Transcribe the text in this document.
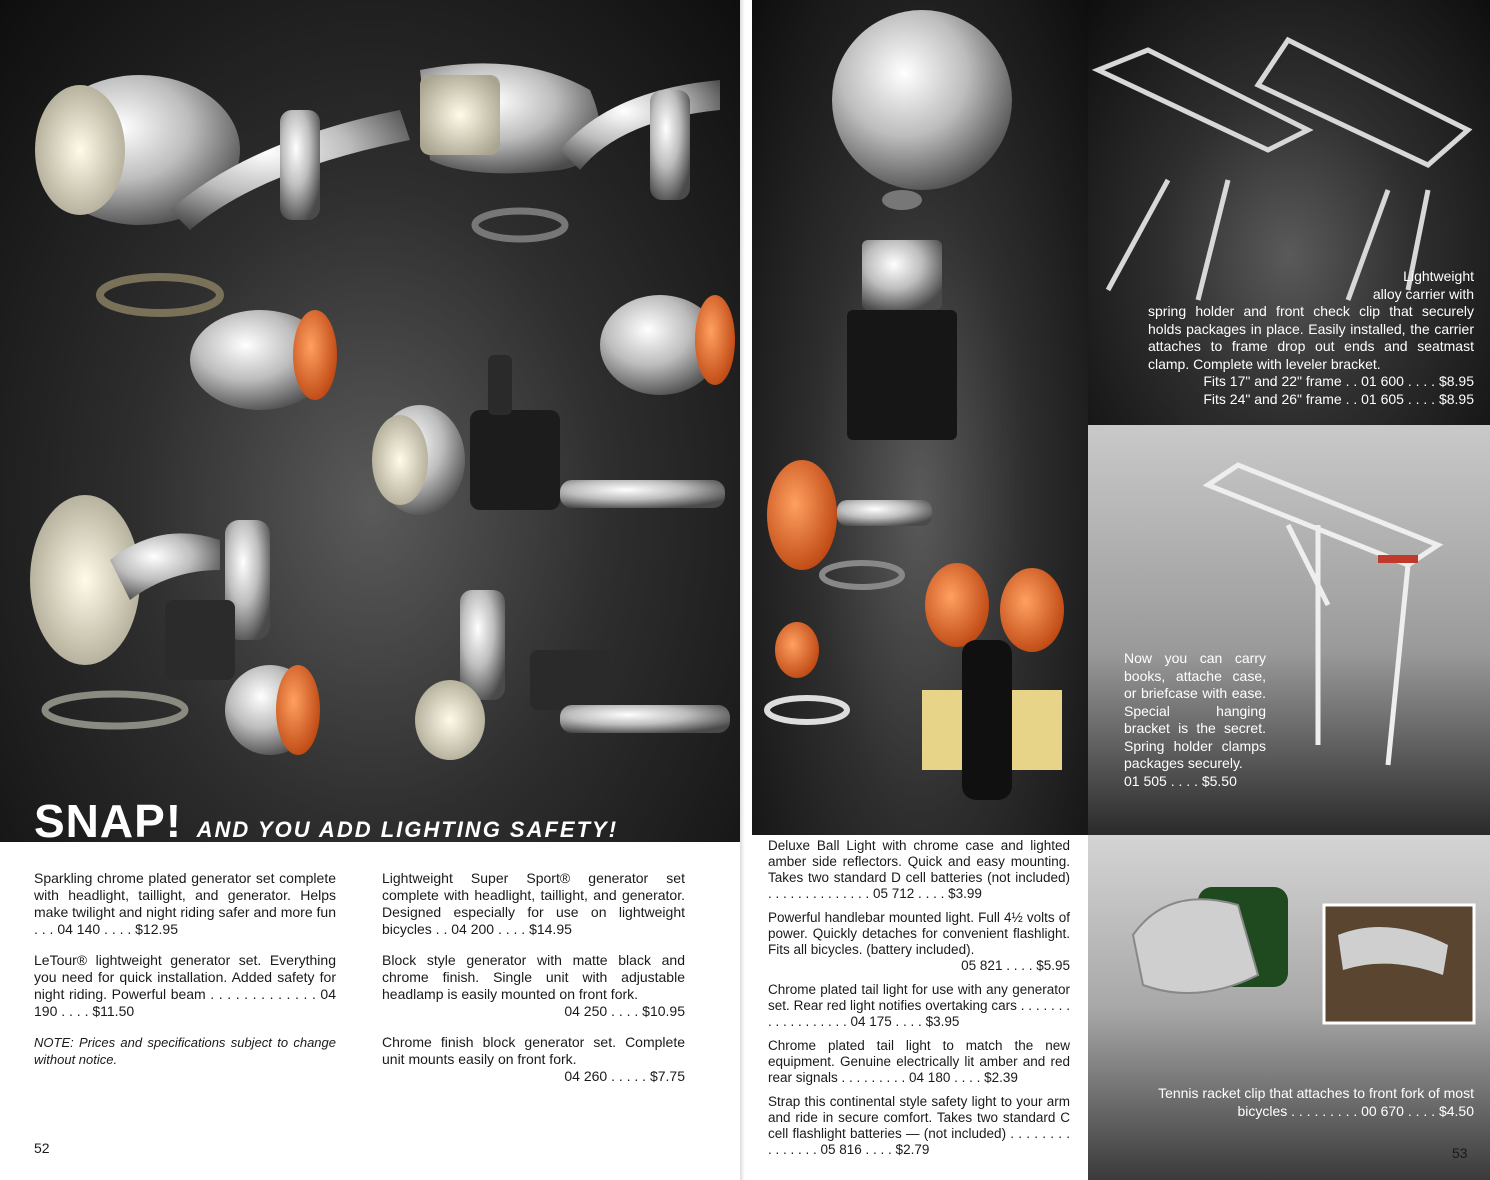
SNAP! AND YOU ADD LIGHTING SAFETY!

Sparkling chrome plated generator set complete with headlight, taillight, and generator. Helps make twilight and night riding safer and more fun . . . 04 140 . . . . $12.95

LeTour® lightweight generator set. Everything you need for quick installation. Added safety for night riding. Powerful beam . . . . . . . . . . . . . 04 190 . . . . $11.50

NOTE: Prices and specifications subject to change without notice.

Lightweight Super Sport® generator set complete with headlight, taillight, and generator. Designed especially for use on lightweight bicycles . . 04 200 . . . . $14.95

Block style generator with matte black and chrome finish. Single unit with adjustable headlamp is easily mounted on front fork.

04 250 . . . . $10.95

Chrome finish block generator set. Complete unit mounts easily on front fork.

04 260 . . . . . $7.75

52
Lightweight
alloy carrier with
spring holder and front check clip that securely holds packages in place. Easily installed, the carrier attaches to frame drop out ends and seatmast clamp. Complete with leveler bracket.
Fits 17" and 22" frame . . 01 600 . . . . $8.95
Fits 24" and 26" frame . . 01 605 . . . . $8.95
Now you can carry books, attache case, or briefcase with ease. Special hanging bracket is the secret. Spring holder clamps packages securely.
01 505 . . . . $5.50

Deluxe Ball Light with chrome case and lighted amber side reflectors. Quick and easy mounting. Takes two standard D cell batteries (not included) . . . . . . . . . . . . . . 05 712 . . . . $3.99

Powerful handlebar mounted light. Full 4½ volts of power. Quickly detaches for convenient flashlight. Fits all bicycles. (battery included).

05 821 . . . . $5.95

Chrome plated tail light for use with any generator set. Rear red light notifies overtaking cars . . . . . . . . . . . . . . . . . . 04 175 . . . . $3.95

Chrome plated tail light to match the new equipment. Genuine electrically lit amber and red rear signals . . . . . . . . . 04 180 . . . . $2.39

Strap this continental style safety light to your arm and ride in secure comfort. Takes two standard C cell flashlight batteries — (not included) . . . . . . . . . . . . . . . 05 816 . . . . $2.79

Tennis racket clip that attaches to front fork of most bicycles . . . . . . . . . 00 670 . . . . $4.50
53
